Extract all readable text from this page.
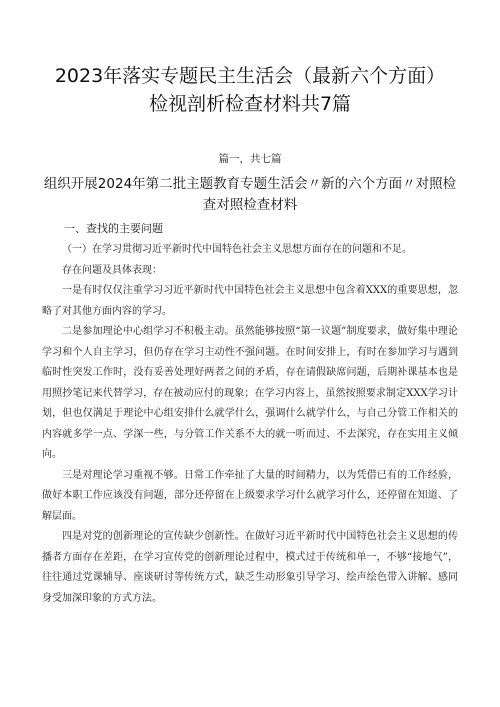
2023年落实专题民主生活会（最新六个方面）检视剖析检查材料共7篇
篇一，共七篇
组织开展2024年第二批主题教育专题生活会〃新的六个方面〃对照检查对照检查材料
一、查找的主要问题

（一）在学习贯彻习近平新时代中国特色社会主义思想方面存在的问题和不足。

存在问题及具体表现：

一是有时仅仅注重学习习近平新时代中国特色社会主义思想中包含着XXX的重要思想，忽略了对其他方面内容的学习。

二是参加理论中心组学习不积极主动。虽然能够按照“第一议题”制度要求，做好集中理论学习和个人自主学习，但仍存在学习主动性不强问题。在时间安排上，有时在参加学习与遇到临时性突发工作时，没有妥善处理好两者之间的矛盾，存在请假缺席问题，后期补课基本也是用照抄笔记来代替学习，存在被动应付的现象；在学习内容上，虽然按照要求制定XXX学习计划，但也仅满足于理论中心组安排什么就学什么，强调什么就学什么，与自己分管工作相关的内容就多学一点、学深一些，与分管工作关系不大的就一听而过、不去深究，存在实用主义倾向。

三是对理论学习重视不够。日常工作牵扯了大量的时间精力，以为凭借已有的工作经验，做好本职工作应该没有问题，部分还停留在上级要求学习什么就学习什么，还停留在知道、了解层面。

四是对党的创新理论的宣传缺少创新性。在做好习近平新时代中国特色社会主义思想的传播者方面存在差距，在学习宣传党的创新理论过程中，模式过于传统和单一，不够“接地气”，往往通过党课辅导、座谈研讨等传统方式，缺乏生动形象引导学习、绘声绘色带入讲解、感同身受加深印象的方式方法。
